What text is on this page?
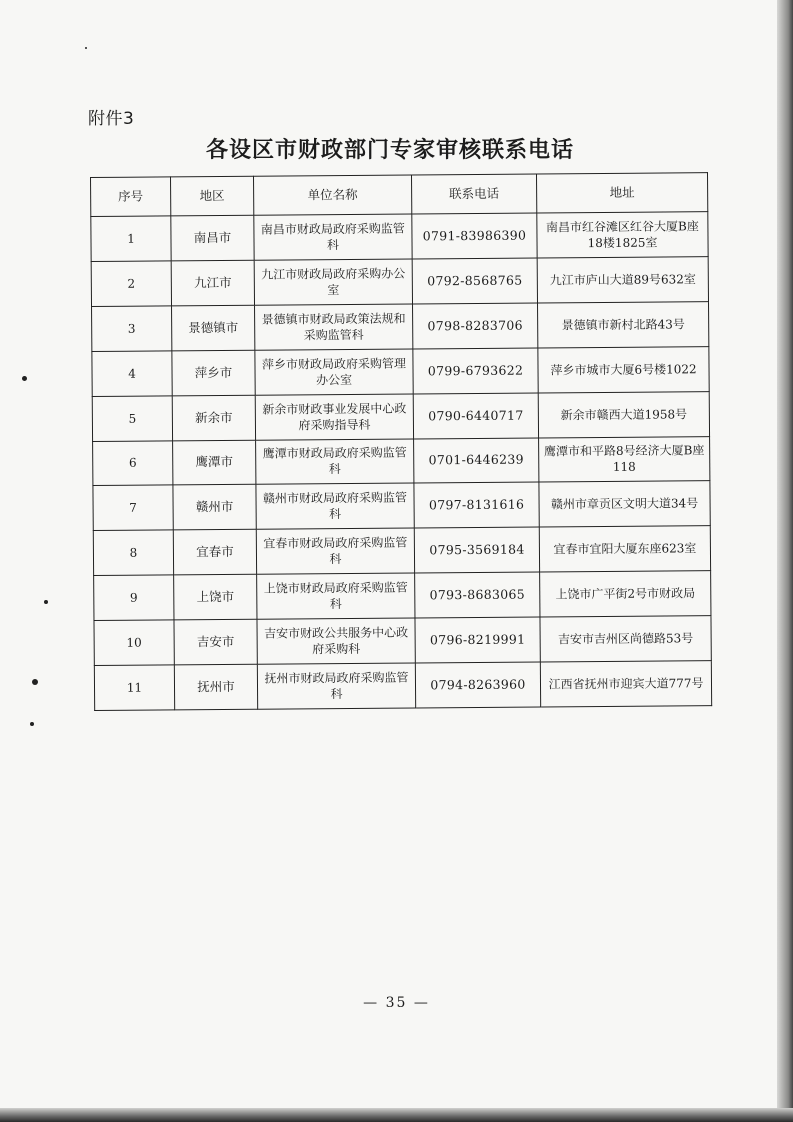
附件3
各设区市财政部门专家审核联系电话
序号	地区	单位名称	联系电话	地址
1	南昌市	南昌市财政局政府采购监管科	0791-83986390	南昌市红谷滩区红谷大厦B座18楼1825室
2	九江市	九江市财政局政府采购办公室	0792-8568765	九江市庐山大道89号632室
3	景德镇市	景德镇市财政局政策法规和采购监管科	0798-8283706	景德镇市新村北路43号
4	萍乡市	萍乡市财政局政府采购管理办公室	0799-6793622	萍乡市城市大厦6号楼1022
5	新余市	新余市财政事业发展中心政府采购指导科	0790-6440717	新余市赣西大道1958号
6	鹰潭市	鹰潭市财政局政府采购监管科	0701-6446239	鹰潭市和平路8号经济大厦B座118
7	赣州市	赣州市财政局政府采购监管科	0797-8131616	赣州市章贡区文明大道34号
8	宜春市	宜春市财政局政府采购监管科	0795-3569184	宜春市宜阳大厦东座623室
9	上饶市	上饶市财政局政府采购监管科	0793-8683065	上饶市广平街2号市财政局
10	吉安市	吉安市财政公共服务中心政府采购科	0796-8219991	吉安市吉州区尚德路53号
11	抚州市	抚州市财政局政府采购监管科	0794-8263960	江西省抚州市迎宾大道777号
— 35 —
